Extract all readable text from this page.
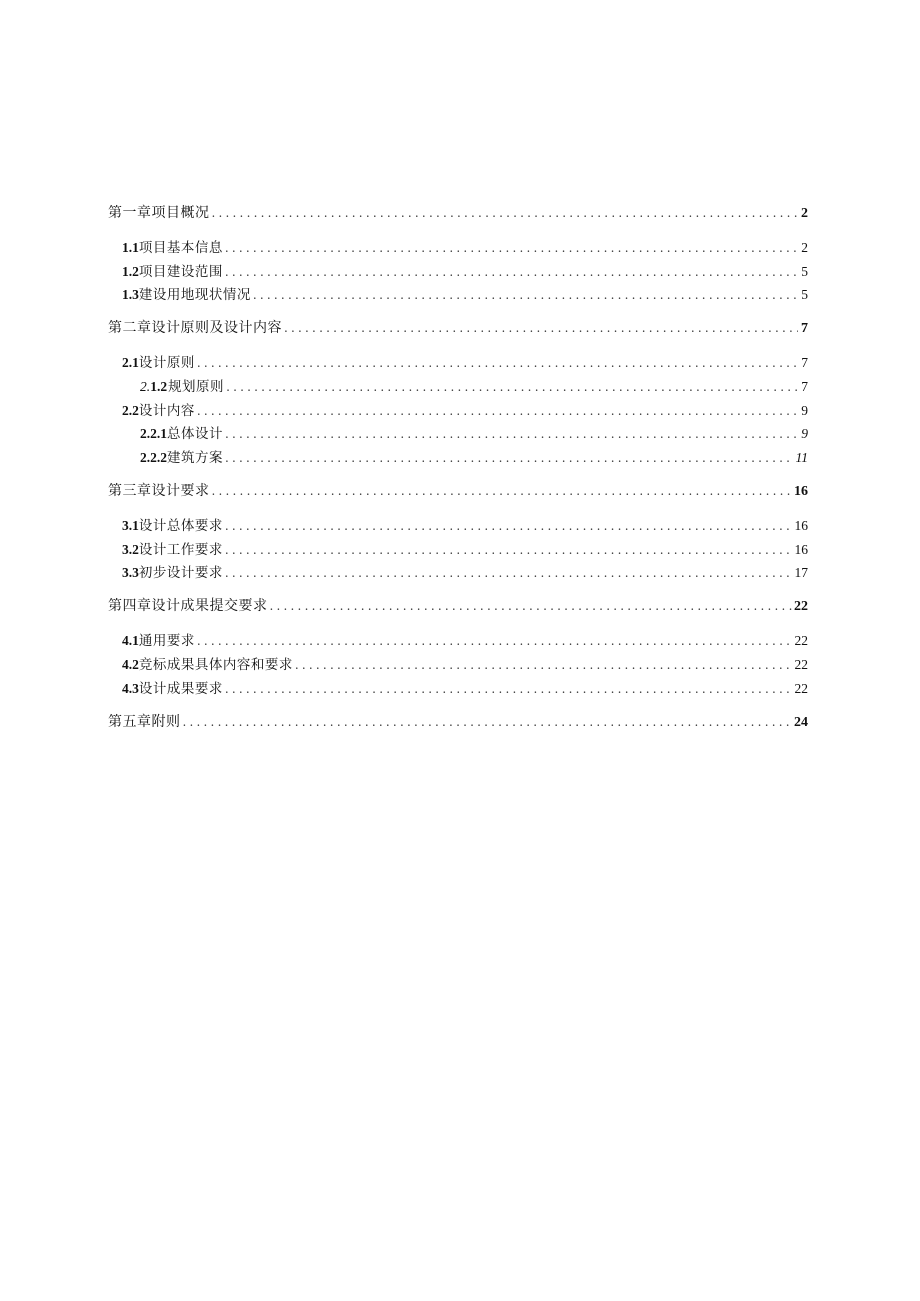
第一章项目概况 .....	2
1.1 项目基本信息 .....	2
1.2 项目建设范围 .....	5
1.3 建设用地现状情况 .....	5
第二章设计原则及设计内容 .....	7
2.1 设计原则 .....	7
2. 1.2 规划原则 .....	7
2.2 设计内容 .....	9
2.2.1 总体设计 .....	9
2.2.2 建筑方案 .....	11
第三章设计要求 .....	16
3.1 设计总体要求 .....	16
3.2 设计工作要求 .....	16
3.3 初步设计要求 .....	17
第四章设计成果提交要求 .....	22
4.1 通用要求 .....	22
4.2 竞标成果具体内容和要求 .....	22
4.3 设计成果要求 .....	22
第五章附则 .....	24
